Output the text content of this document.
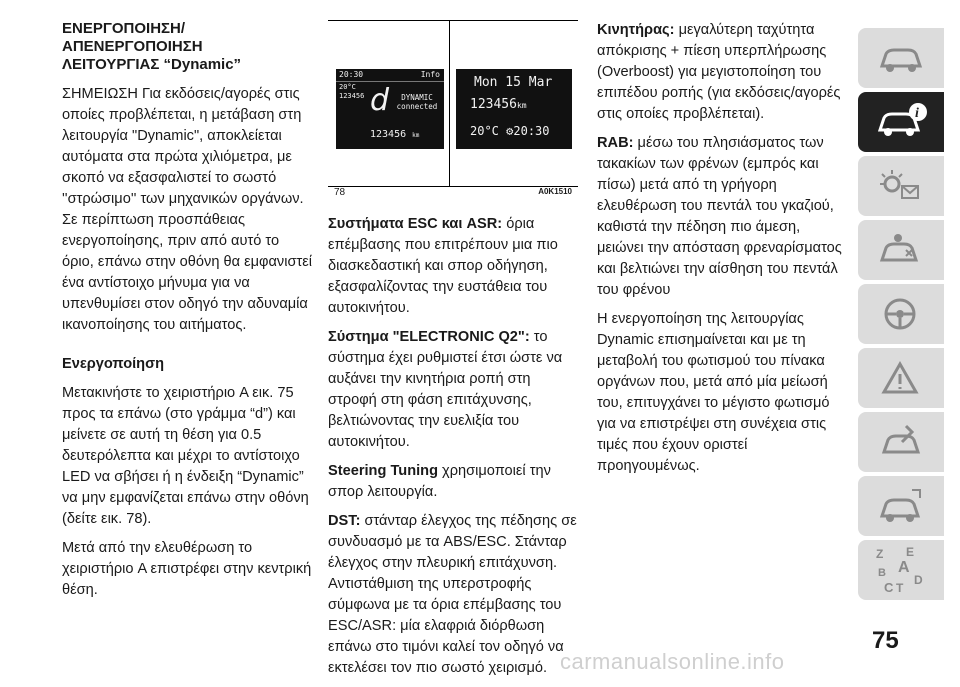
ΕΝΕΡΓΟΠΟΙΗΣΗ/
ΑΠΕΝΕΡΓΟΠΟΙΗΣΗ
ΛΕΙΤΟΥΡΓΙΑΣ “Dynamic”

ΣΗΜΕΙΩΣΗ Για εκδόσεις/αγορές στις οποίες προβλέπεται, η μετάβαση στη λειτουργία "Dynamic", αποκλείεται αυτόματα στα πρώτα χιλιόμετρα, με σκοπό να εξασφαλιστεί το σωστό ''στρώσιμο'' των μηχανικών οργάνων. Σε περίπτωση προσπάθειας ενεργοποίησης, πριν από αυτό το όριο, επάνω στην οθόνη θα εμφανιστεί ένα αντίστοιχο μήνυμα για να υπενθυμίσει στον οδηγό την αδυναμία ικανοποίησης του αιτήματος.

Ενεργοποίηση

Μετακινήστε το χειριστήριο A εικ. 75 προς τα επάνω (στο γράμμα “d”) και μείνετε σε αυτή τη θέση για 0.5 δευτερόλεπτα και μέχρι το αντίστοιχο LED να σβήσει ή η ένδειξη “Dynamic” να μην εμφανίζεται επάνω στην οθόνη (δείτε εικ. 78).

Μετά από την ελευθέρωση το χειριστήριο A επιστρέφει στην κεντρική θέση.

20:30	Info
20°C
123456 d	DYNAMIC
connected
123456 km
Mon 15 Mar
123456km
20°C ⚙20:30
78	A0K1510

Συστήματα ESC και ASR: όρια επέμβασης που επιτρέπουν μια πιο διασκεδαστική και σπορ οδήγηση, εξασφαλίζοντας την ευστάθεια του αυτοκινήτου.

Σύστημα "ELECTRONIC Q2": το σύστημα έχει ρυθμιστεί έτσι ώστε να αυξάνει την κινητήρια ροπή στη στροφή στη φάση επιτάχυνσης, βελτιώνοντας την ευελιξία του αυτοκινήτου.

Steering Tuning χρησιμοποιεί την σπορ λειτουργία.

DST: στάνταρ έλεγχος της πέδησης σε συνδυασμό με τα ABS/ESC. Στάνταρ έλεγχος στην πλευρική επιτάχυνση. Αντιστάθμιση της υπερστροφής σύμφωνα με τα όρια επέμβασης του ESC/ASR: μία ελαφριά διόρθωση επάνω στο τιμόνι καλεί τον οδηγό να εκτελέσει τον πιο σωστό χειρισμό.

Κινητήρας: μεγαλύτερη ταχύτητα απόκρισης + πίεση υπερπλήρωσης (Overboost) για μεγιστοποίηση του επιπέδου ροπής (για εκδόσεις/αγορές στις οποίες προβλέπεται).

RAB: μέσω του πλησιάσματος των τακακίων των φρένων (εμπρός και πίσω) μετά από τη γρήγορη ελευθέρωση του πεντάλ του γκαζιού, καθιστά την πέδηση πιο άμεση, μειώνει την απόσταση φρεναρίσματος και βελτιώνει την αίσθηση του πεντάλ του φρένου

Η ενεργοποίηση της λειτουργίας Dynamic επισημαίνεται και με τη μεταβολή του φωτισμού του πίνακα οργάνων που, μετά από μία μείωσή του, επιτυγχάνει το μέγιστο φωτισμό για να επιστρέψει στη συνέχεια στις τιμές που έχουν οριστεί προηγουμένως.

i
Z E
A
B
C T
D
75
carmanualsonline.info
